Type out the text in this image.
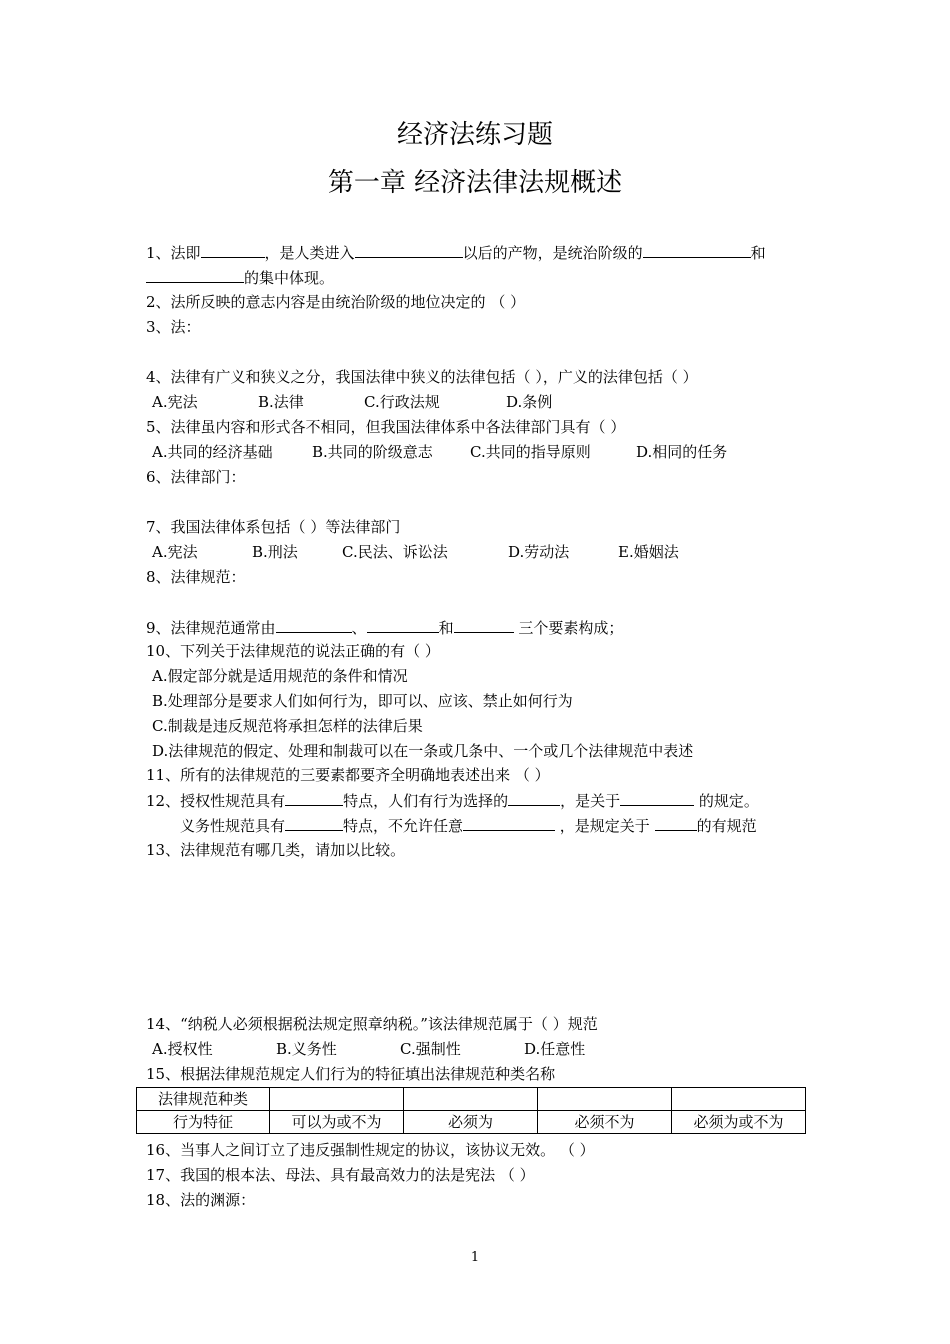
经济法练习题
第一章 经济法律法规概述
1、法即	，是人类进入	以后的产物，是统治阶级的	和
的集中体现。
2、法所反映的意志内容是由统治阶级的地位决定的 （ ）
3、法：
4、法律有广义和狭义之分，我国法律中狭义的法律包括（ ），广义的法律包括（ ）
A.宪法	B.法律	C.行政法规	D.条例
5、法律虽内容和形式各不相同，但我国法律体系中各法律部门具有（ ）
A.共同的经济基础	B.共同的阶级意志 C.共同的指导原则	D.相同的任务
6、法律部门：
7、我国法律体系包括（ ）等法律部门
A.宪法	B.刑法	C.民法、诉讼法	D.劳动法	E.婚姻法
8、法律规范：
9、法律规范通常由	、	和	三个要素构成；
10、下列关于法律规范的说法正确的有（ ）
A.假定部分就是适用规范的条件和情况
B.处理部分是要求人们如何行为，即可以、应该、禁止如何行为
C.制裁是违反规范将承担怎样的法律后果
D.法律规范的假定、处理和制裁可以在一条或几条中、一个或几个法律规范中表述
11、所有的法律规范的三要素都要齐全明确地表述出来 （ ）
12、授权性规范具有	特点，人们有行为选择的	，是关于	的规定。
义务性规范具有	特点，不允许任意	，是规定关于	的有规范
13、法律规范有哪几类，请加以比较。
14、“纳税人必须根据税法规定照章纳税。”该法律规范属于（ ）规范
A.授权性	B.义务性	C.强制性	D.任意性
15、根据法律规范规定人们行为的特征填出法律规范种类名称
法律规范种类				
行为特征	可以为或不为	必须为	必须不为	必须为或不为
16、当事人之间订立了违反强制性规定的协议，该协议无效。 （ ）
17、我国的根本法、母法、具有最高效力的法是宪法 （ ）
18、法的渊源：
1
